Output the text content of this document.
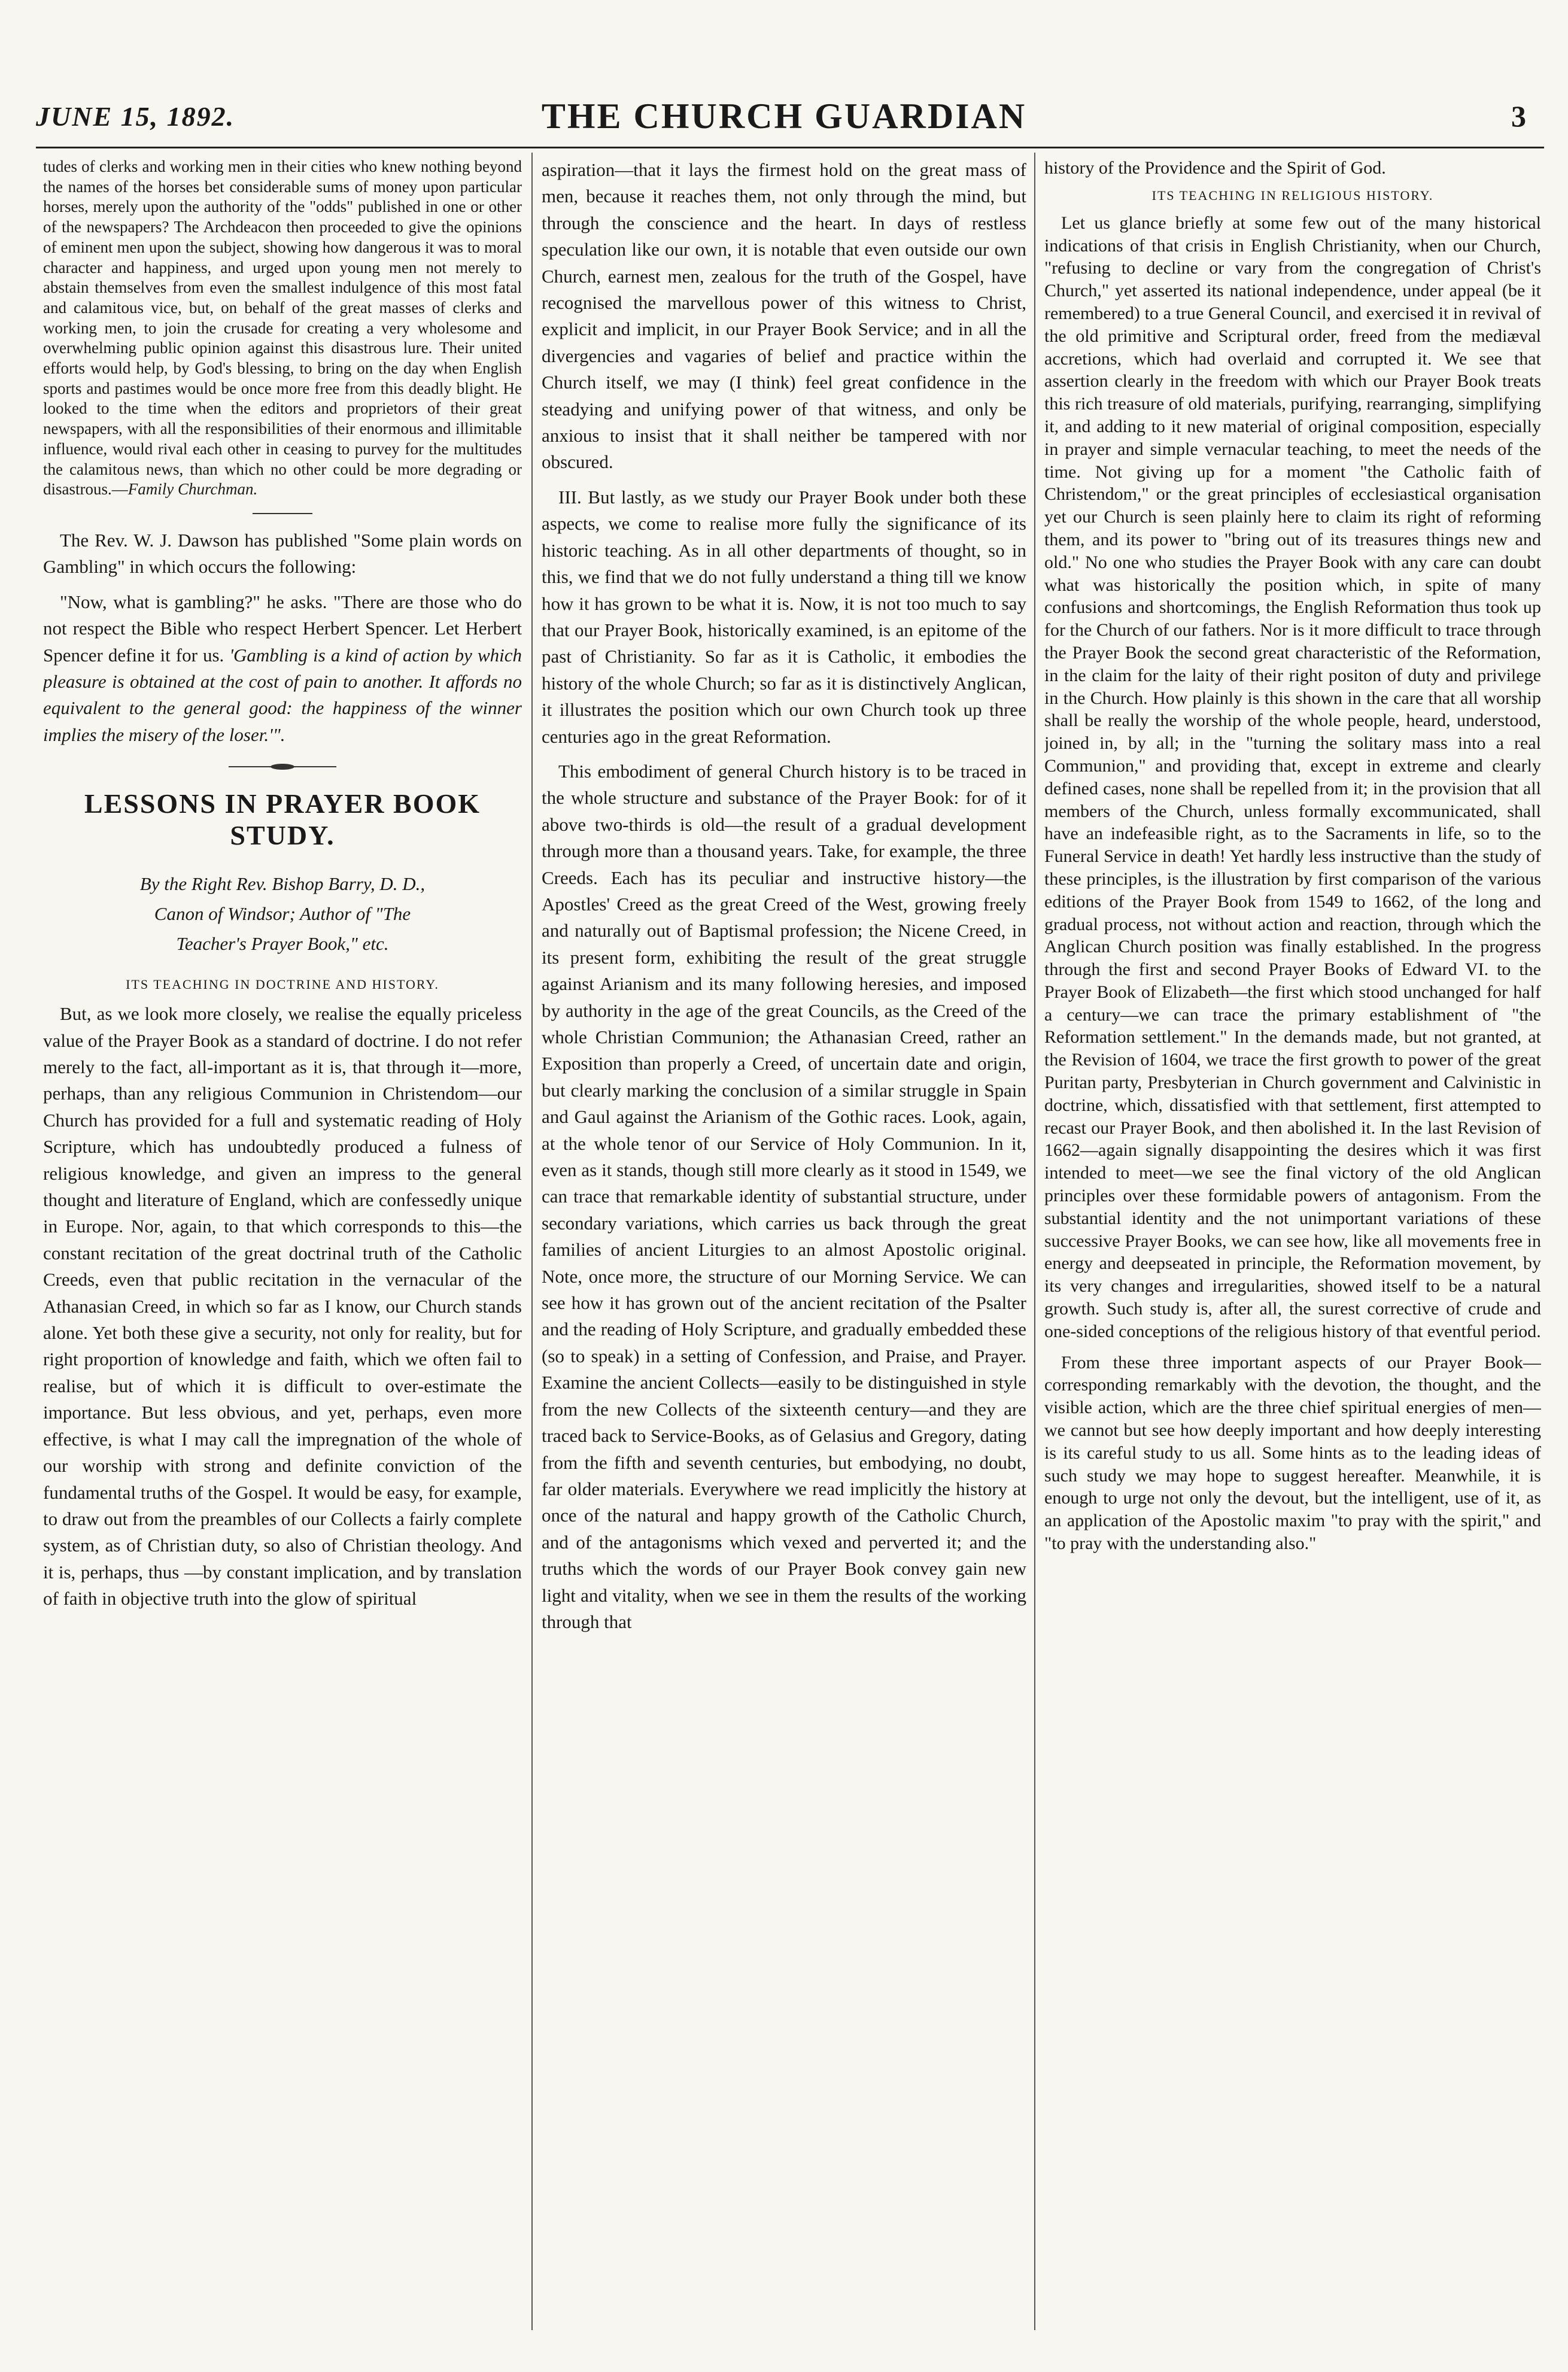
JUNE 15, 1892.	THE CHURCH GUARDIAN	3

tudes of clerks and working men in their cities who knew nothing beyond the names of the horses bet considerable sums of money upon particular horses, merely upon the authority of the "odds" published in one or other of the newspapers? The Archdeacon then proceeded to give the opinions of eminent men upon the subject, showing how dangerous it was to moral character and happiness, and urged upon young men not merely to abstain themselves from even the smallest indulgence of this most fatal and calamitous vice, but, on behalf of the great masses of clerks and working men, to join the crusade for creating a very wholesome and overwhelming public opinion against this disastrous lure. Their united efforts would help, by God's blessing, to bring on the day when English sports and pastimes would be once more free from this deadly blight. He looked to the time when the editors and proprietors of their great newspapers, with all the responsibilities of their enormous and illimitable influence, would rival each other in ceasing to purvey for the multitudes the calamitous news, than which no other could be more degrading or disastrous.—Family Churchman.

The Rev. W. J. Dawson has published "Some plain words on Gambling" in which occurs the following:

"Now, what is gambling?" he asks. "There are those who do not respect the Bible who respect Herbert Spencer. Let Herbert Spencer define it for us. 'Gambling is a kind of action by which pleasure is obtained at the cost of pain to another. It affords no equivalent to the general good: the happiness of the winner implies the misery of the loser.'".

LESSONS IN PRAYER BOOK STUDY.
By the Right Rev. Bishop Barry, D. D.,
Canon of Windsor; Author of "The
Teacher's Prayer Book," etc.
ITS TEACHING IN DOCTRINE AND HISTORY.

But, as we look more closely, we realise the equally priceless value of the Prayer Book as a standard of doctrine. I do not refer merely to the fact, all-important as it is, that through it—more, perhaps, than any religious Communion in Christendom—our Church has provided for a full and systematic reading of Holy Scripture, which has undoubtedly produced a fulness of religious knowledge, and given an impress to the general thought and literature of England, which are confessedly unique in Europe. Nor, again, to that which corresponds to this—the constant recitation of the great doctrinal truth of the Catholic Creeds, even that public recitation in the vernacular of the Athanasian Creed, in which so far as I know, our Church stands alone. Yet both these give a security, not only for reality, but for right proportion of knowledge and faith, which we often fail to realise, but of which it is difficult to over-estimate the importance. But less obvious, and yet, perhaps, even more effective, is what I may call the impregnation of the whole of our worship with strong and definite conviction of the fundamental truths of the Gospel. It would be easy, for example, to draw out from the preambles of our Collects a fairly complete system, as of Christian duty, so also of Christian theology. And it is, perhaps, thus —by constant implication, and by translation of faith in objective truth into the glow of spiritual

aspiration—that it lays the firmest hold on the great mass of men, because it reaches them, not only through the mind, but through the conscience and the heart. In days of restless speculation like our own, it is notable that even outside our own Church, earnest men, zealous for the truth of the Gospel, have recognised the marvellous power of this witness to Christ, explicit and implicit, in our Prayer Book Service; and in all the divergencies and vagaries of belief and practice within the Church itself, we may (I think) feel great confidence in the steadying and unifying power of that witness, and only be anxious to insist that it shall neither be tampered with nor obscured.

III. But lastly, as we study our Prayer Book under both these aspects, we come to realise more fully the significance of its historic teaching. As in all other departments of thought, so in this, we find that we do not fully understand a thing till we know how it has grown to be what it is. Now, it is not too much to say that our Prayer Book, historically examined, is an epitome of the past of Christianity. So far as it is Catholic, it embodies the history of the whole Church; so far as it is distinctively Anglican, it illustrates the position which our own Church took up three centuries ago in the great Reformation.

This embodiment of general Church history is to be traced in the whole structure and substance of the Prayer Book: for of it above two-thirds is old—the result of a gradual development through more than a thousand years. Take, for example, the three Creeds. Each has its peculiar and instructive history—the Apostles' Creed as the great Creed of the West, growing freely and naturally out of Baptismal profession; the Nicene Creed, in its present form, exhibiting the result of the great struggle against Arianism and its many following heresies, and imposed by authority in the age of the great Councils, as the Creed of the whole Christian Communion; the Athanasian Creed, rather an Exposition than properly a Creed, of uncertain date and origin, but clearly marking the conclusion of a similar struggle in Spain and Gaul against the Arianism of the Gothic races. Look, again, at the whole tenor of our Service of Holy Communion. In it, even as it stands, though still more clearly as it stood in 1549, we can trace that remarkable identity of substantial structure, under secondary variations, which carries us back through the great families of ancient Liturgies to an almost Apostolic original. Note, once more, the structure of our Morning Service. We can see how it has grown out of the ancient recitation of the Psalter and the reading of Holy Scripture, and gradually embedded these (so to speak) in a setting of Confession, and Praise, and Prayer. Examine the ancient Collects—easily to be distinguished in style from the new Collects of the sixteenth century—and they are traced back to Service-Books, as of Gelasius and Gregory, dating from the fifth and seventh centuries, but embodying, no doubt, far older materials. Everywhere we read implicitly the history at once of the natural and happy growth of the Catholic Church, and of the antagonisms which vexed and perverted it; and the truths which the words of our Prayer Book convey gain new light and vitality, when we see in them the results of the working through that

history of the Providence and the Spirit of God.

ITS TEACHING IN RELIGIOUS HISTORY.

Let us glance briefly at some few out of the many historical indications of that crisis in English Christianity, when our Church, "refusing to decline or vary from the congregation of Christ's Church," yet asserted its national independence, under appeal (be it remembered) to a true General Council, and exercised it in revival of the old primitive and Scriptural order, freed from the mediæval accretions, which had overlaid and corrupted it. We see that assertion clearly in the freedom with which our Prayer Book treats this rich treasure of old materials, purifying, rearranging, simplifying it, and adding to it new material of original composition, especially in prayer and simple vernacular teaching, to meet the needs of the time. Not giving up for a moment "the Catholic faith of Christendom," or the great principles of ecclesiastical organisation yet our Church is seen plainly here to claim its right of reforming them, and its power to "bring out of its treasures things new and old." No one who studies the Prayer Book with any care can doubt what was historically the position which, in spite of many confusions and shortcomings, the English Reformation thus took up for the Church of our fathers. Nor is it more difficult to trace through the Prayer Book the second great characteristic of the Reformation, in the claim for the laity of their right positon of duty and privilege in the Church. How plainly is this shown in the care that all worship shall be really the worship of the whole people, heard, understood, joined in, by all; in the "turning the solitary mass into a real Communion," and providing that, except in extreme and clearly defined cases, none shall be repelled from it; in the provision that all members of the Church, unless formally excommunicated, shall have an indefeasible right, as to the Sacraments in life, so to the Funeral Service in death! Yet hardly less instructive than the study of these principles, is the illustration by first comparison of the various editions of the Prayer Book from 1549 to 1662, of the long and gradual process, not without action and reaction, through which the Anglican Church position was finally established. In the progress through the first and second Prayer Books of Edward VI. to the Prayer Book of Elizabeth—the first which stood unchanged for half a century—we can trace the primary establishment of "the Reformation settlement." In the demands made, but not granted, at the Revision of 1604, we trace the first growth to power of the great Puritan party, Presbyterian in Church government and Calvinistic in doctrine, which, dissatisfied with that settlement, first attempted to recast our Prayer Book, and then abolished it. In the last Revision of 1662—again signally disappointing the desires which it was first intended to meet—we see the final victory of the old Anglican principles over these formidable powers of antagonism. From the substantial identity and the not unimportant variations of these successive Prayer Books, we can see how, like all movements free in energy and deepseated in principle, the Reformation movement, by its very changes and irregularities, showed itself to be a natural growth. Such study is, after all, the surest corrective of crude and one-sided conceptions of the religious history of that eventful period.

From these three important aspects of our Prayer Book—corresponding remarkably with the devotion, the thought, and the visible action, which are the three chief spiritual energies of men—we cannot but see how deeply important and how deeply interesting is its careful study to us all. Some hints as to the leading ideas of such study we may hope to suggest hereafter. Meanwhile, it is enough to urge not only the devout, but the intelligent, use of it, as an application of the Apostolic maxim "to pray with the spirit," and "to pray with the understanding also."
